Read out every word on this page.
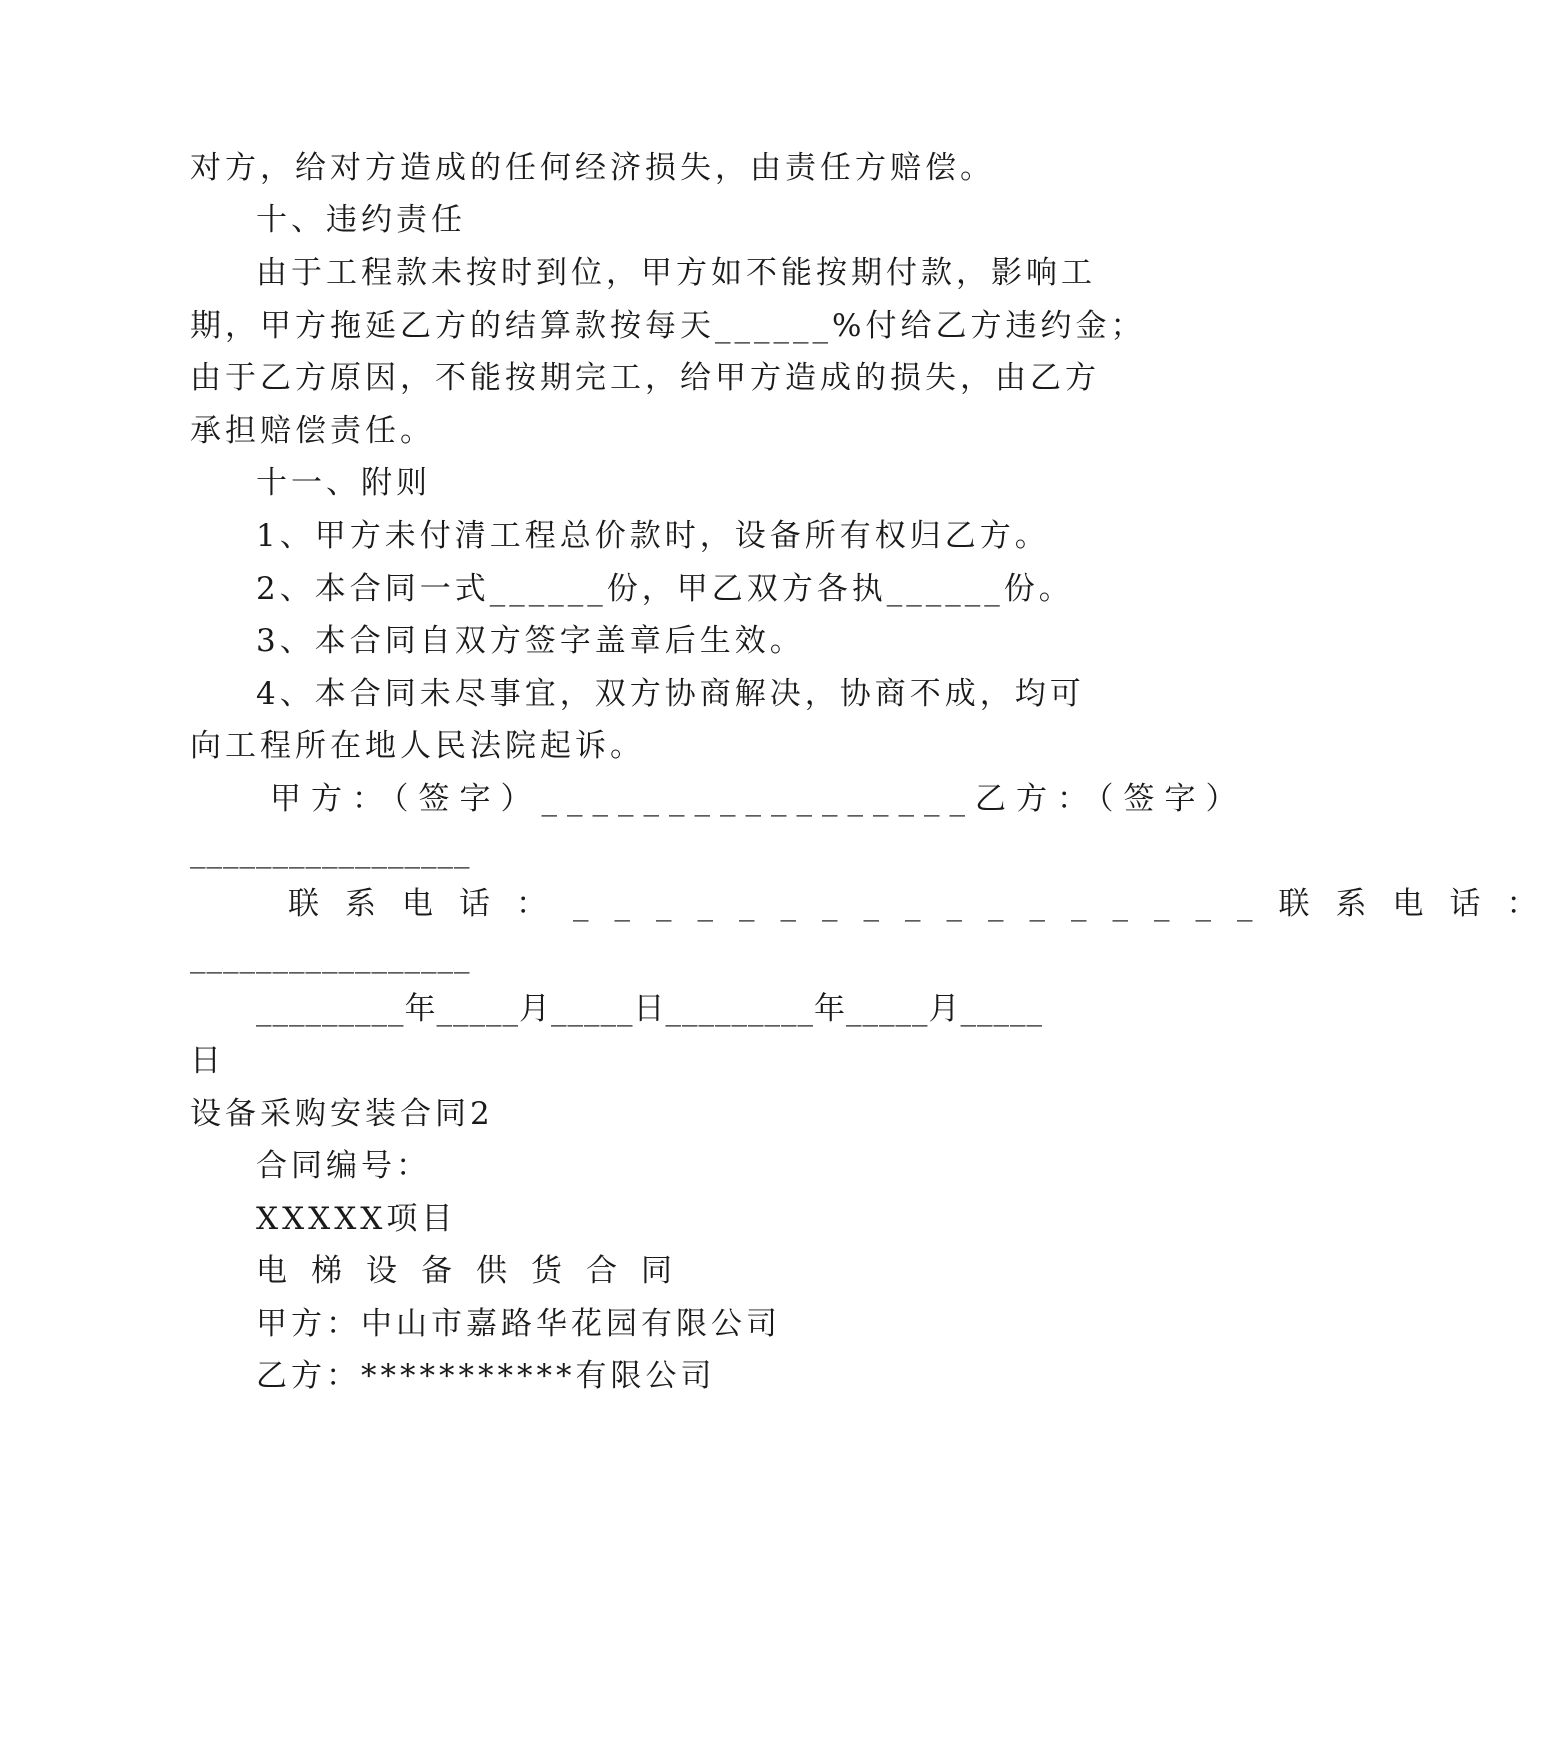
对方，给对方造成的任何经济损失，由责任方赔偿。
十、违约责任
由于工程款未按时到位，甲方如不能按期付款，影响工
期，甲方拖延乙方的结算款按每天______%付给乙方违约金；
由于乙方原因，不能按期完工，给甲方造成的损失，由乙方
承担赔偿责任。
十一、附则
1、甲方未付清工程总价款时，设备所有权归乙方。
2、本合同一式______份，甲乙双方各执______份。
3、本合同自双方签字盖章后生效。
4、本合同未尽事宜，双方协商解决，协商不成，均可
向工程所在地人民法院起诉。
甲方：（签字）_________________乙方：（签字）
_________________
联系电话：_________________联系电话：
_________________
_________年_____月_____日_________年_____月_____
日
设备采购安装合同2
合同编号：
XXXXX项目
电梯设备供货合同
甲方：中山市嘉路华花园有限公司
乙方：***********有限公司
